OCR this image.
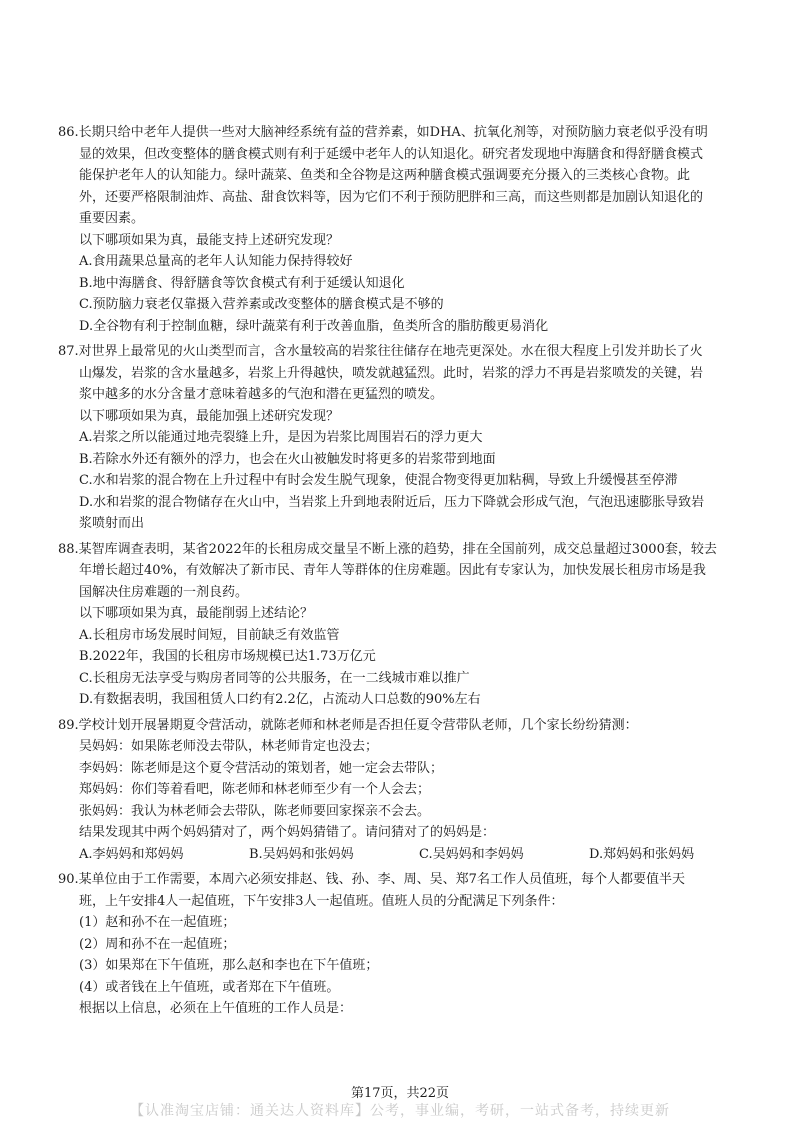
86.长期只给中老年人提供一些对大脑神经系统有益的营养素，如DHA、抗氧化剂等，对预防脑力衰老似乎没有明
显的效果，但改变整体的膳食模式则有利于延缓中老年人的认知退化。研究者发现地中海膳食和得舒膳食模式
能保护老年人的认知能力。绿叶蔬菜、鱼类和全谷物是这两种膳食模式强调要充分摄入的三类核心食物。此
外，还要严格限制油炸、高盐、甜食饮料等，因为它们不利于预防肥胖和三高，而这些则都是加剧认知退化的
重要因素。
以下哪项如果为真，最能支持上述研究发现？
A.食用蔬果总量高的老年人认知能力保持得较好
B.地中海膳食、得舒膳食等饮食模式有利于延缓认知退化
C.预防脑力衰老仅靠摄入营养素或改变整体的膳食模式是不够的
D.全谷物有利于控制血糖，绿叶蔬菜有利于改善血脂，鱼类所含的脂肪酸更易消化
87.对世界上最常见的火山类型而言，含水量较高的岩浆往往储存在地壳更深处。水在很大程度上引发并助长了火
山爆发，岩浆的含水量越多，岩浆上升得越快，喷发就越猛烈。此时，岩浆的浮力不再是岩浆喷发的关键，岩
浆中越多的水分含量才意味着越多的气泡和潜在更猛烈的喷发。
以下哪项如果为真，最能加强上述研究发现？
A.岩浆之所以能通过地壳裂缝上升，是因为岩浆比周围岩石的浮力更大
B.若除水外还有额外的浮力，也会在火山被触发时将更多的岩浆带到地面
C.水和岩浆的混合物在上升过程中有时会发生脱气现象，使混合物变得更加粘稠，导致上升缓慢甚至停滞
D.水和岩浆的混合物储存在火山中，当岩浆上升到地表附近后，压力下降就会形成气泡，气泡迅速膨胀导致岩
浆喷射而出
88.某智库调查表明，某省2022年的长租房成交量呈不断上涨的趋势，排在全国前列，成交总量超过3000套，较去
年增长超过40%，有效解决了新市民、青年人等群体的住房难题。因此有专家认为，加快发展长租房市场是我
国解决住房难题的一剂良药。
以下哪项如果为真，最能削弱上述结论？
A.长租房市场发展时间短，目前缺乏有效监管
B.2022年，我国的长租房市场规模已达1.73万亿元
C.长租房无法享受与购房者同等的公共服务，在一二线城市难以推广
D.有数据表明，我国租赁人口约有2.2亿，占流动人口总数的90%左右
89.学校计划开展暑期夏令营活动，就陈老师和林老师是否担任夏令营带队老师，几个家长纷纷猜测：
吴妈妈：如果陈老师没去带队，林老师肯定也没去；
李妈妈：陈老师是这个夏令营活动的策划者，她一定会去带队；
郑妈妈：你们等着看吧，陈老师和林老师至少有一个人会去；
张妈妈：我认为林老师会去带队，陈老师要回家探亲不会去。
结果发现其中两个妈妈猜对了，两个妈妈猜错了。请问猜对了的妈妈是：
A.李妈妈和郑妈妈	B.吴妈妈和张妈妈	C.吴妈妈和李妈妈	D.郑妈妈和张妈妈
90.某单位由于工作需要，本周六必须安排赵、钱、孙、李、周、吴、郑7名工作人员值班，每个人都要值半天
班，上午安排4人一起值班，下午安排3人一起值班。值班人员的分配满足下列条件：
(1）赵和孙不在一起值班；
(2）周和孙不在一起值班；
(3）如果郑在下午值班，那么赵和李也在下午值班；
(4）或者钱在上午值班，或者郑在下午值班。
根据以上信息，必须在上午值班的工作人员是：
第17页，共22页
【认准淘宝店铺：通关达人资料库】公考，事业编，考研，一站式备考，持续更新
